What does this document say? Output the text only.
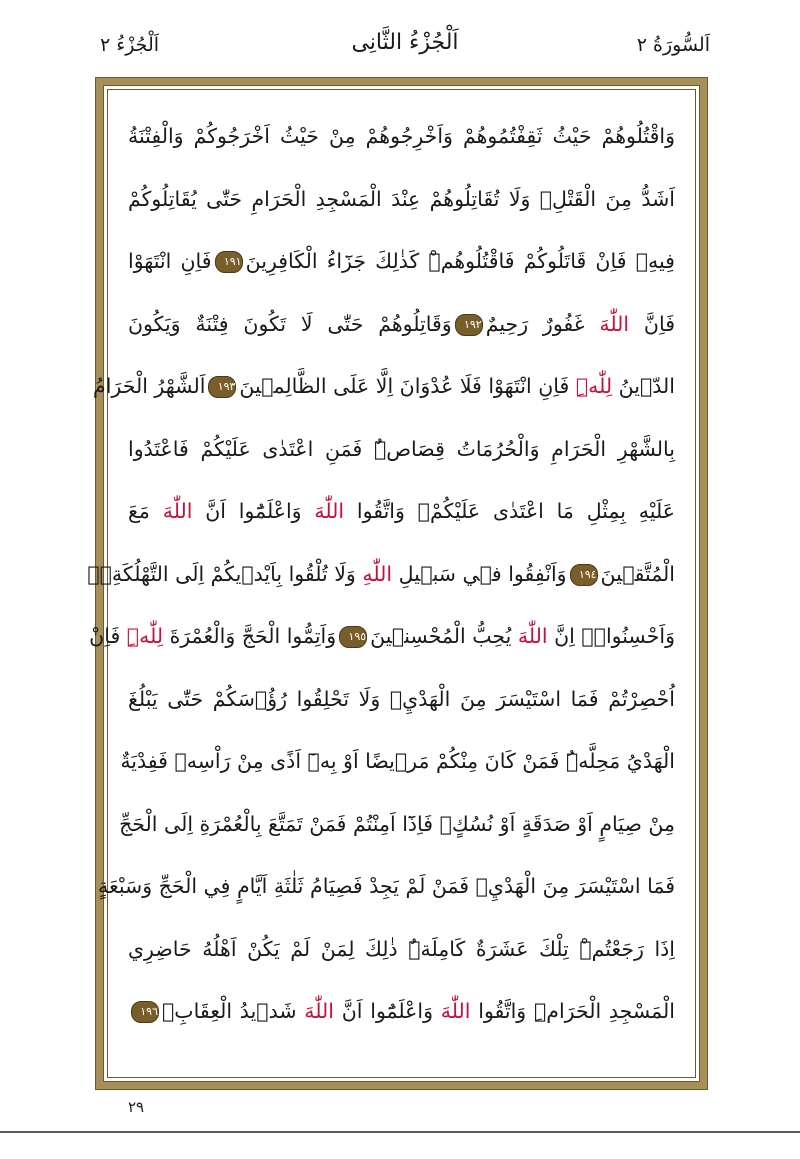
اَلسُّورَةُ ٢
اَلْجُزْءُ الثَّانِى
اَلْجُزْءُ ٢
وَاقْتُلُوهُمْ حَيْثُ ثَقِفْتُمُوهُمْ وَاَخْرِجُوهُمْ مِنْ حَيْثُ اَخْرَجُوكُمْ وَالْفِتْنَةُ
اَشَدُّ مِنَ الْقَتْلِۚ وَلَا تُقَاتِلُوهُمْ عِنْدَ الْمَسْجِدِ الْحَرَامِ حَتّٰى يُقَاتِلُوكُمْ
فِيهِۚ فَاِنْ قَاتَلُوكُمْ فَاقْتُلُوهُمْۜ كَذٰلِكَ جَزَٓاءُ الْكَافِرِينَ١٩١فَاِنِ انْتَهَوْا
فَاِنَّ اللّٰهَ غَفُورٌ رَحِيمٌ١٩٢وَقَاتِلُوهُمْ حَتّٰى لَا تَكُونَ فِتْنَةٌ وَيَكُونَ
الدّ۪ينُ لِلّٰهِۜ فَاِنِ انْتَهَوْا فَلَا عُدْوَانَ اِلَّا عَلَى الظَّالِم۪ينَ١٩٣اَلشَّهْرُ الْحَرَامُ
بِالشَّهْرِ الْحَرَامِ وَالْحُرُمَاتُ قِصَاصٌۜ فَمَنِ اعْتَدٰى عَلَيْكُمْ فَاعْتَدُوا
عَلَيْهِ بِمِثْلِ مَا اعْتَدٰى عَلَيْكُمْۖ وَاتَّقُوا اللّٰهَ وَاعْلَمُٓوا اَنَّ اللّٰهَ مَعَ
الْمُتَّق۪ينَ١٩٤وَاَنْفِقُوا ف۪ي سَب۪يلِ اللّٰهِ وَلَا تُلْقُوا بِاَيْد۪يكُمْ اِلَى التَّهْلُكَةِۚۛ
وَاَحْسِنُواۚۛ اِنَّ اللّٰهَ يُحِبُّ الْمُحْسِن۪ينَ١٩٥وَاَتِمُّوا الْحَجَّ وَالْعُمْرَةَ لِلّٰهِۜ فَاِنْ
اُحْصِرْتُمْ فَمَا اسْتَيْسَرَ مِنَ الْهَدْيِۚ وَلَا تَحْلِقُوا رُؤُ۫سَكُمْ حَتّٰى يَبْلُغَ
الْهَدْيُ مَحِلَّهُۜ فَمَنْ كَانَ مِنْكُمْ مَر۪يضًا اَوْ بِه۪ٓ اَذًى مِنْ رَاْسِه۪ فَفِدْيَةٌ
مِنْ صِيَامٍ اَوْ صَدَقَةٍ اَوْ نُسُكٍۚ فَاِذَٓا اَمِنْتُمْ فَمَنْ تَمَتَّعَ بِالْعُمْرَةِ اِلَى الْحَجِّ
فَمَا اسْتَيْسَرَ مِنَ الْهَدْيِۚ فَمَنْ لَمْ يَجِدْ فَصِيَامُ ثَلٰثَةِ اَيَّامٍ فِي الْحَجِّ وَسَبْعَةٍ
اِذَا رَجَعْتُمْۜ تِلْكَ عَشَرَةٌ كَامِلَةٌۜ ذٰلِكَ لِمَنْ لَمْ يَكُنْ اَهْلُهُ حَاضِرِي
الْمَسْجِدِ الْحَرَامِۜ وَاتَّقُوا اللّٰهَ وَاعْلَمُٓوا اَنَّ اللّٰهَ شَد۪يدُ الْعِقَابِۚ١٩٦
٢٩
